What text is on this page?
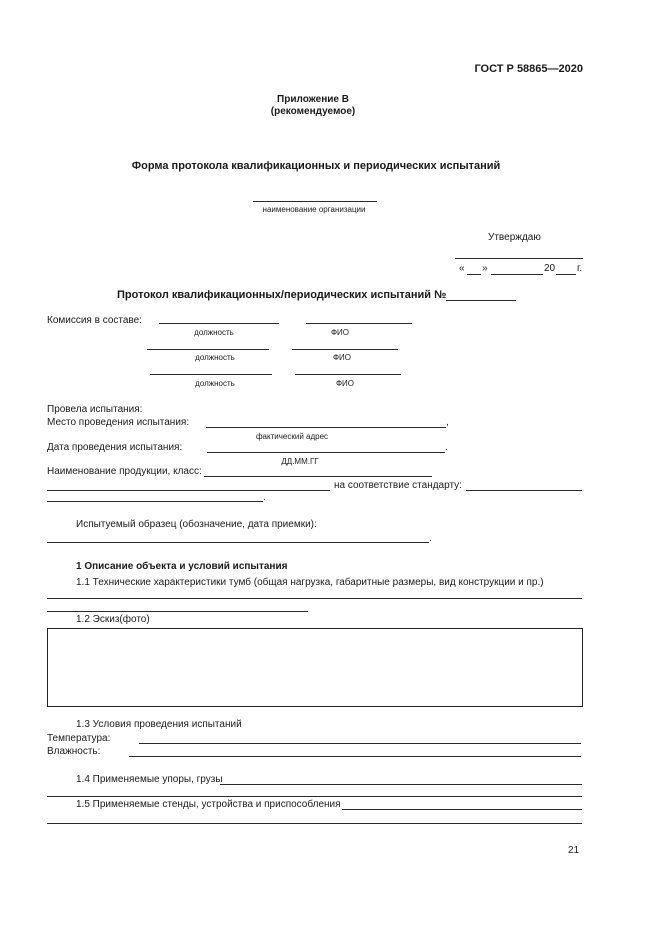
ГОСТ Р 58865—2020
Приложение В
(рекомендуемое)
Форма протокола квалификационных и периодических испытаний
наименование организации
Утверждаю
« »	20 г.
Протокол квалификационных/периодических испытаний №
Комиссия в составе:
должность	ФИО
должность	ФИО
должность	ФИО
Провела испытания:
Место проведения испытания:	,
фактический адрес
Дата проведения испытания:	.
ДД.ММ.ГГ
Наименование продукции, класс:
на соответствие стандарту:
.
Испытуемый образец (обозначение, дата приемки):
.
1 Описание объекта и условий испытания
1.1 Технические характеристики тумб (общая нагрузка, габаритные размеры, вид конструкции и пр.)
1.2 Эскиз(фото)
1.3 Условия проведения испытаний
Температура:
Влажность:
1.4 Применяемые упоры, грузы
1.5 Применяемые стенды, устройства и приспособления
21
